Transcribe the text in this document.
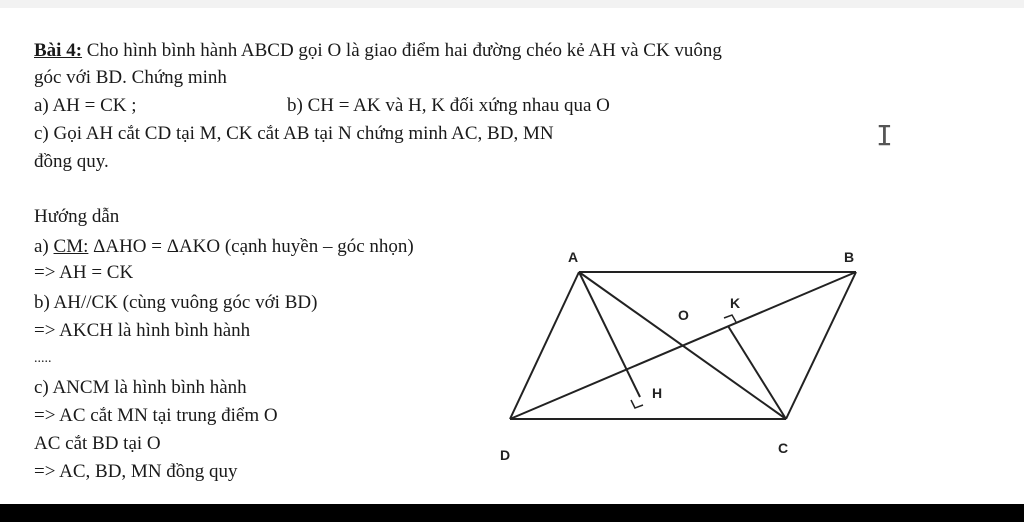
Bài 4: Cho hình bình hành ABCD gọi O là giao điểm hai đường chéo kẻ AH và CK vuông
góc với BD. Chứng minh
a) AH = CK ;	b) CH = AK và H, K đối xứng nhau qua O
c) Gọi AH cắt CD tại M, CK cắt AB tại N chứng minh AC, BD, MN
đồng quy.
I
Hướng dẫn
a) CM: ΔAHO = ΔAKO (cạnh huyền – góc nhọn)
=> AH = CK
b) AH//CK (cùng vuông góc với BD)
=> AKCH là hình bình hành
.....
c) ANCM là hình bình hành
=> AC cắt MN tại trung điểm O
AC cắt BD tại O
=> AC, BD, MN đồng quy
A	B
C
D
O
H
K
